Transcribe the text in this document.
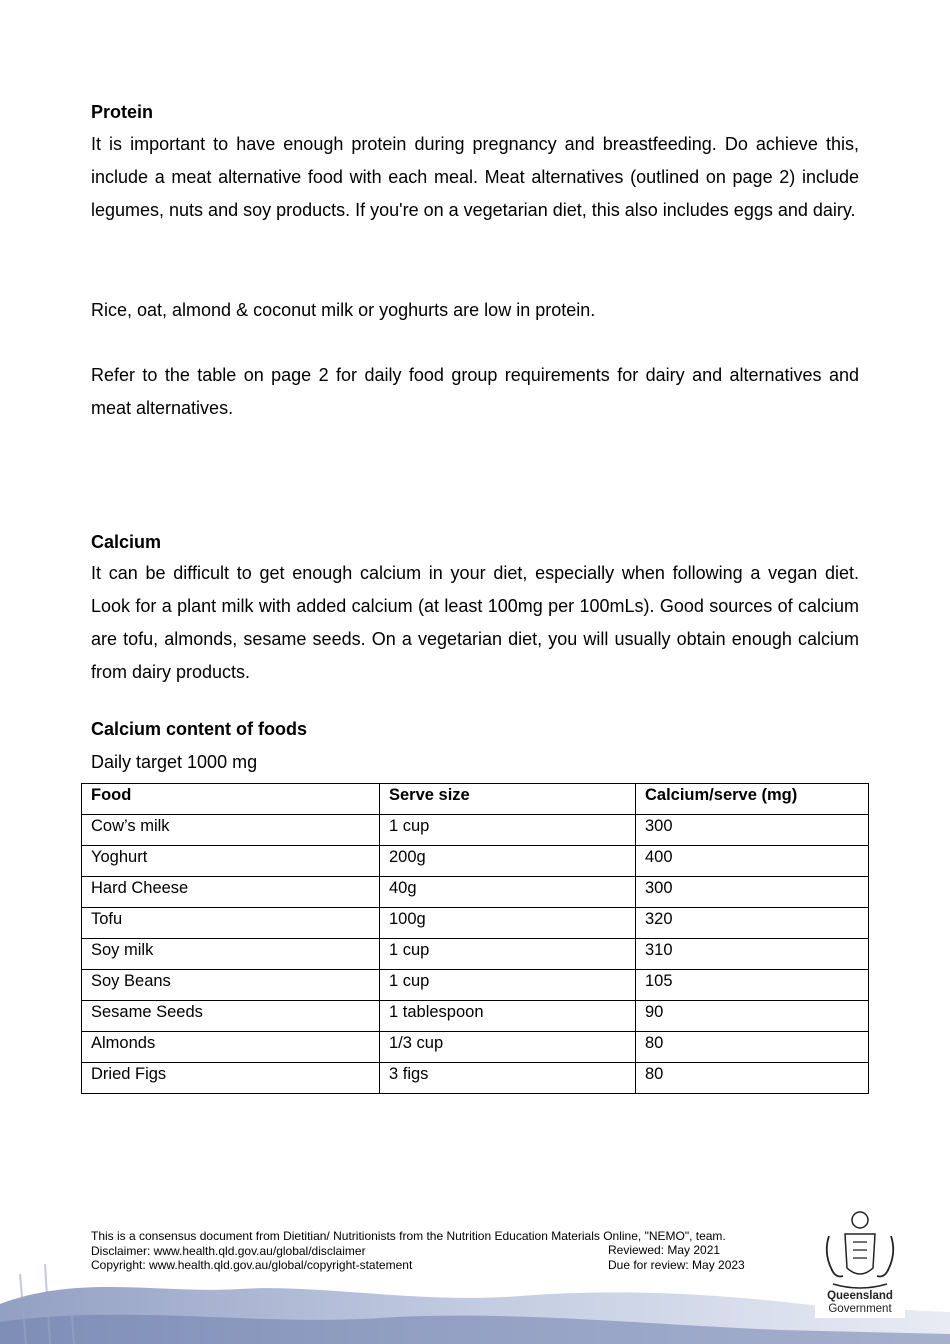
Protein

It is important to have enough protein during pregnancy and breastfeeding. Do achieve this, include a meat alternative food with each meal. Meat alternatives (outlined on page 2) include legumes, nuts and soy products. If you're on a vegetarian diet, this also includes eggs and dairy.

Rice, oat, almond & coconut milk or yoghurts are low in protein.

Refer to the table on page 2 for daily food group requirements for dairy and alternatives and meat alternatives.

Calcium

It can be difficult to get enough calcium in your diet, especially when following a vegan diet. Look for a plant milk with added calcium (at least 100mg per 100mLs). Good sources of calcium are tofu, almonds, sesame seeds. On a vegetarian diet, you will usually obtain enough calcium from dairy products.

Calcium content of foods
Daily target 1000 mg
Food	Serve size	Calcium/serve (mg)
Cow’s milk	1 cup	300
Yoghurt	200g	400
Hard Cheese	40g	300
Tofu	100g	320
Soy milk	1 cup	310
Soy Beans	1 cup	105
Sesame Seeds	1 tablespoon	90
Almonds	1/3 cup	80
Dried Figs	3 figs	80
This is a consensus document from Dietitian/ Nutritionists from the Nutrition Education Materials Online, "NEMO", team.
Disclaimer: www.health.qld.gov.au/global/disclaimer
Copyright: www.health.qld.gov.au/global/copyright-statement
Reviewed: May 2021
Due for review: May 2023
Queensland
Government
